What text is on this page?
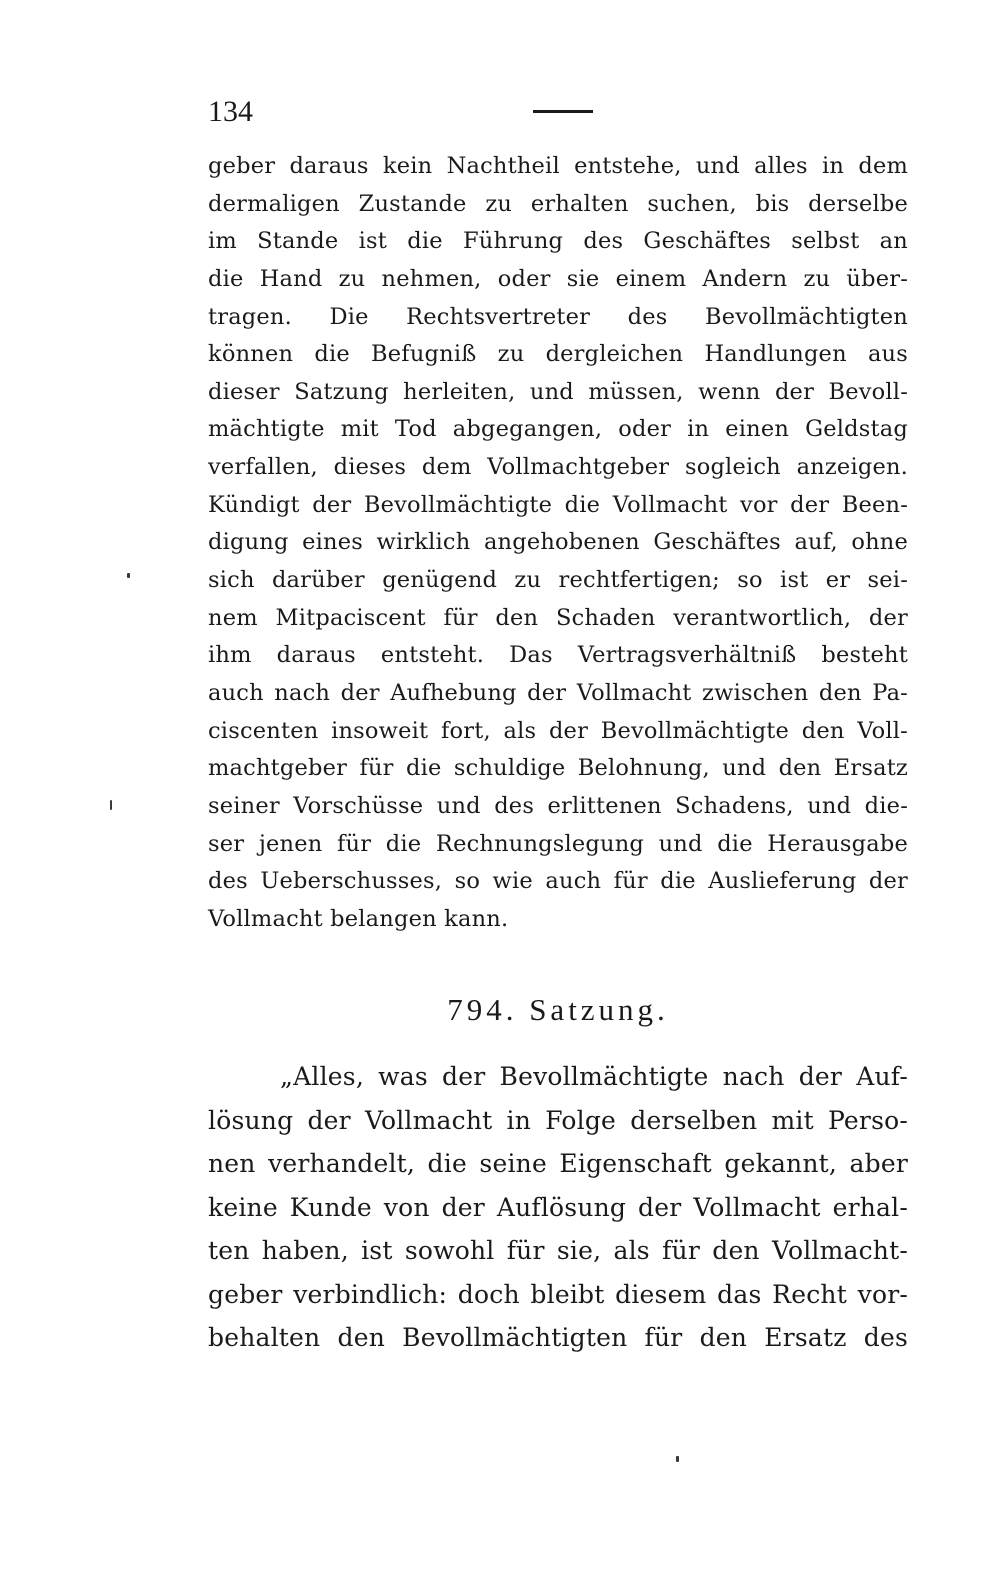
134
geber daraus kein Nachtheil entstehe, und alles in dem
dermaligen Zustande zu erhalten suchen, bis derselbe
im Stande ist die Führung des Geschäftes selbst an
die Hand zu nehmen, oder sie einem Andern zu über-
tragen. Die Rechtsvertreter des Bevollmächtigten
können die Befugniß zu dergleichen Handlungen aus
dieser Satzung herleiten, und müssen, wenn der Bevoll-
mächtigte mit Tod abgegangen, oder in einen Geldstag
verfallen, dieses dem Vollmachtgeber sogleich anzeigen.
Kündigt der Bevollmächtigte die Vollmacht vor der Been-
digung eines wirklich angehobenen Geschäftes auf, ohne
sich darüber genügend zu rechtfertigen; so ist er sei-
nem Mitpaciscent für den Schaden verantwortlich, der
ihm daraus entsteht. Das Vertragsverhältniß besteht
auch nach der Aufhebung der Vollmacht zwischen den Pa-
ciscenten insoweit fort, als der Bevollmächtigte den Voll-
machtgeber für die schuldige Belohnung, und den Ersatz
seiner Vorschüsse und des erlittenen Schadens, und die-
ser jenen für die Rechnungslegung und die Herausgabe
des Ueberschusses, so wie auch für die Auslieferung der
Vollmacht belangen kann.
794. Satzung.
„Alles, was der Bevollmächtigte nach der Auf-
lösung der Vollmacht in Folge derselben mit Perso-
nen verhandelt, die seine Eigenschaft gekannt, aber
keine Kunde von der Auflösung der Vollmacht erhal-
ten haben, ist sowohl für sie, als für den Vollmacht-
geber verbindlich: doch bleibt diesem das Recht vor-
behalten den Bevollmächtigten für den Ersatz des
